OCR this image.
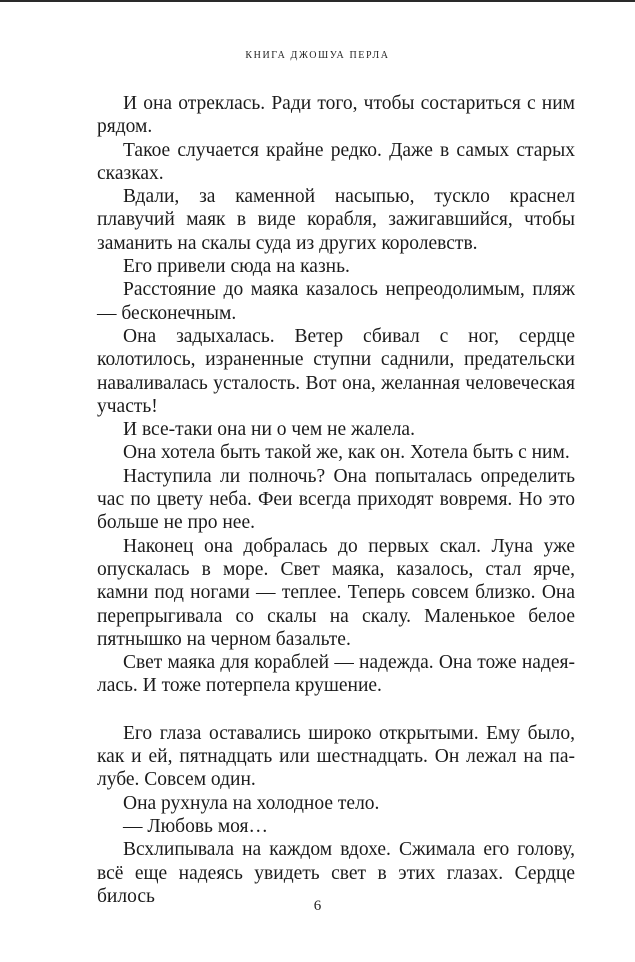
КНИГА ДЖОШУА ПЕРЛА

И она отреклась. Ради того, чтобы состариться с ним рядом.

Такое случается крайне редко. Даже в самых старых сказках.

Вдали, за каменной насыпью, тускло краснел плавучий маяк в виде корабля, зажигавшийся, чтобы заманить на скалы суда из других королевств.

Его привели сюда на казнь.

Расстояние до маяка казалось непреодолимым, пляж — бесконечным.

Она задыхалась. Ветер сбивал с ног, сердце колотилось, израненные ступни саднили, предательски наваливалась усталость. Вот она, желанная человеческая участь!

И все-таки она ни о чем не жалела.

Она хотела быть такой же, как он. Хотела быть с ним.

Наступила ли полночь? Она попыталась определить час по цвету неба. Феи всегда приходят вовремя. Но это больше не про нее.

Наконец она добралась до первых скал. Луна уже опускалась в море. Свет маяка, казалось, стал ярче, камни под ногами — теплее. Теперь совсем близко. Она перепрыгивала со скалы на скалу. Маленькое белое пятнышко на черном базальте.

Свет маяка для кораблей — надежда. Она тоже надеялась. И тоже потерпела крушение.

Его глаза оставались широко открытыми. Ему было, как и ей, пятнадцать или шестнадцать. Он лежал на палубе. Совсем один.

Она рухнула на холодное тело.

— Любовь моя…

Всхлипывала на каждом вдохе. Сжимала его голову, всё еще надеясь увидеть свет в этих глазах. Сердце билось	6
